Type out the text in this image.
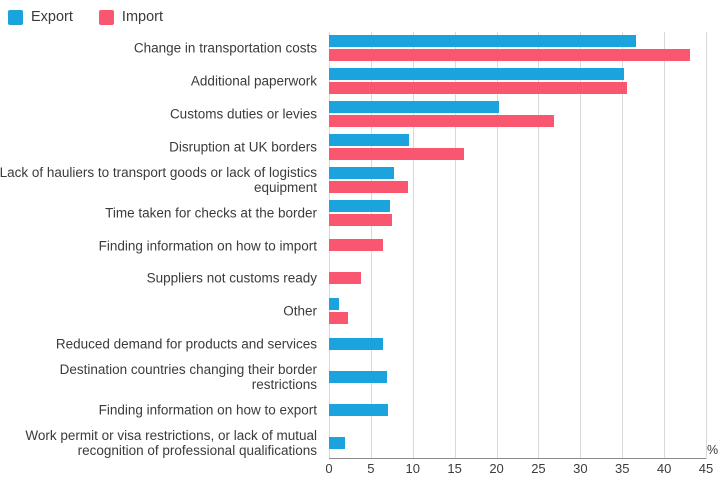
Export	Import
Change in transportation costs
Additional paperwork
Customs duties or levies
Disruption at UK borders
Lack of hauliers to transport goods or lack of logistics equipment
Time taken for checks at the border
Finding information on how to import
Suppliers not customs ready
Other
Reduced demand for products and services
Destination countries changing their border restrictions
Finding information on how to export
Work permit or visa restrictions, or lack of mutual recognition of professional qualifications
0	5 10 15 20 25 30 35 40 45
%
